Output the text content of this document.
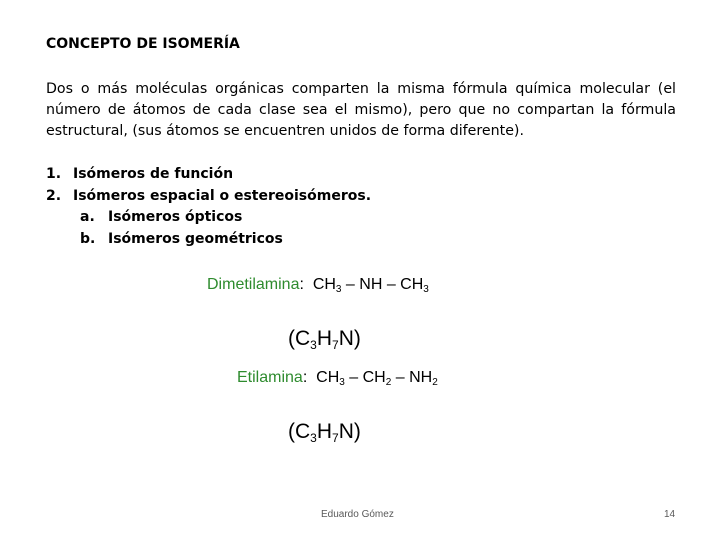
CONCEPTO DE ISOMERÍA
Dos o más moléculas orgánicas comparten la misma fórmula química molecular (el número de átomos de cada clase sea el mismo), pero que no compartan la fórmula estructural, (sus átomos se encuentren unidos de forma diferente).
1. Isómeros de función
2. Isómeros espacial o estereoisómeros.
a. Isómeros ópticos
b. Isómeros geométricos
Dimetilamina: $CH_3$ – NH – $CH_3$
$(C_3H_7N)$
Etilamina: $CH_3 - CH_2 - NH_2$
$(C_3H_7N)$
Eduardo Gómez	14
